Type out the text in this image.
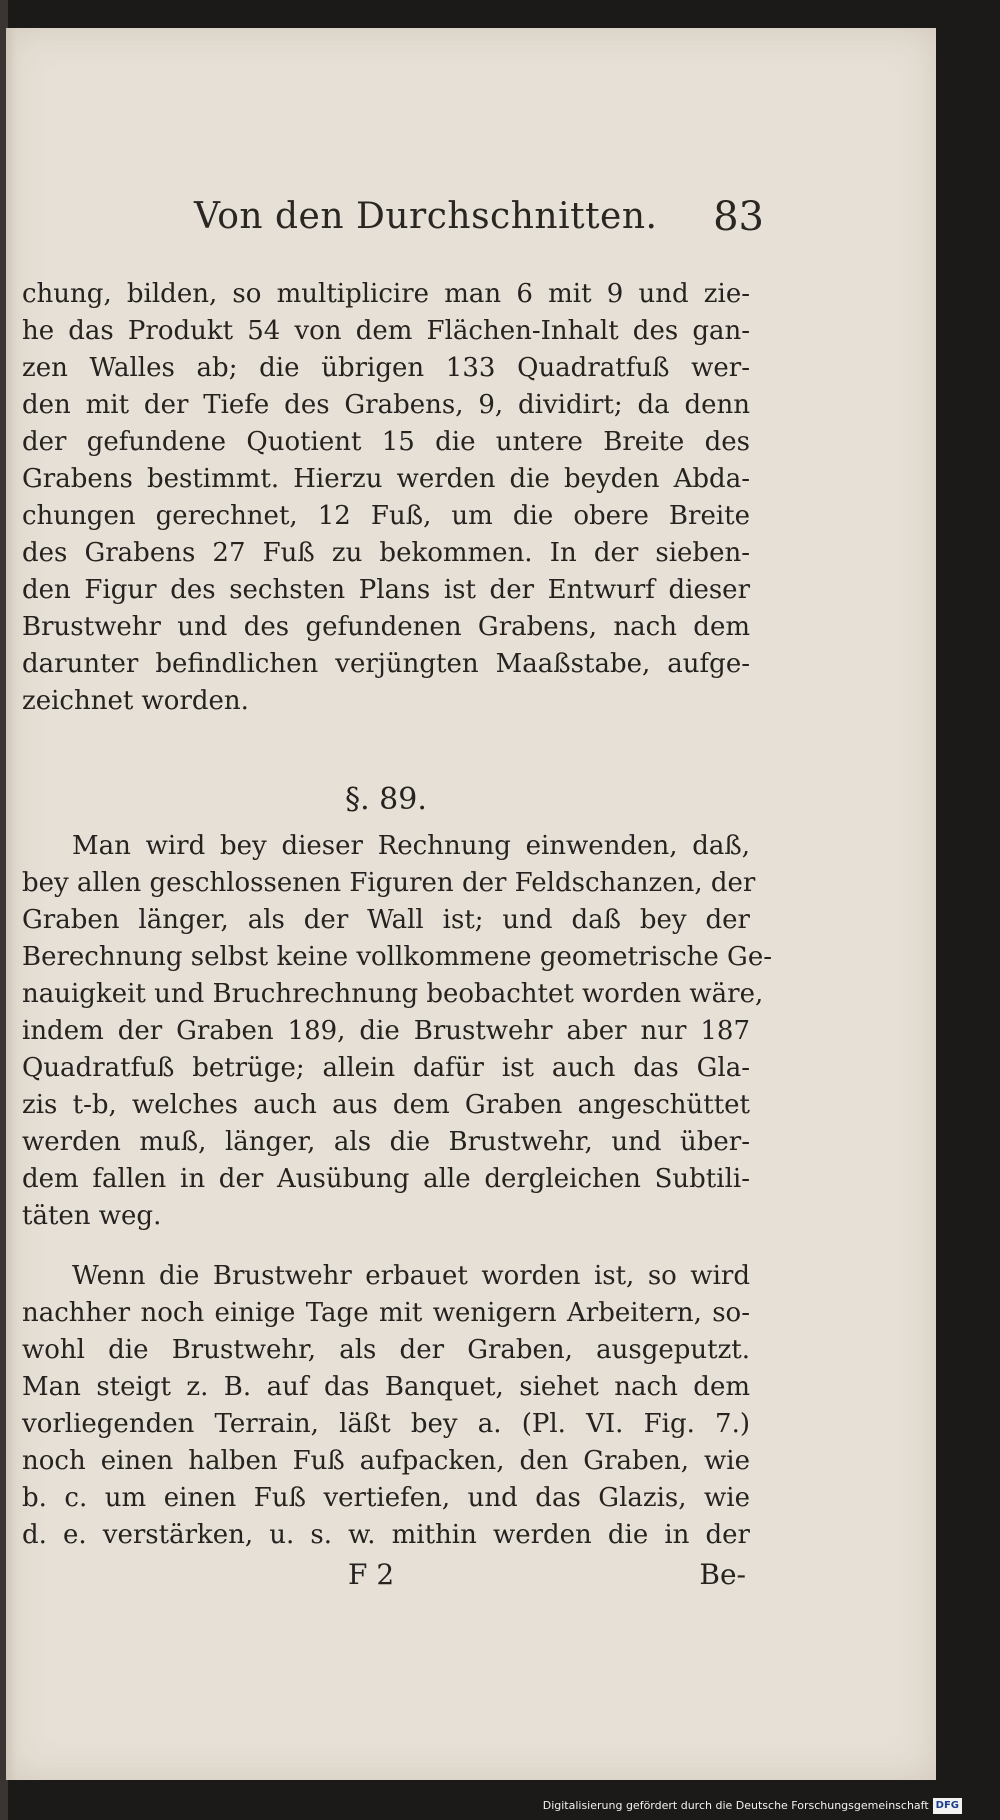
Von den Durchschnitten. 83
chung, bilden, so multiplicire man 6 mit 9 und zie-
he das Produkt 54 von dem Flächen-Inhalt des gan-
zen Walles ab; die übrigen 133 Quadratfuß wer-
den mit der Tiefe des Grabens, 9, dividirt; da denn
der gefundene Quotient 15 die untere Breite des
Grabens bestimmt. Hierzu werden die beyden Abda-
chungen gerechnet, 12 Fuß, um die obere Breite
des Grabens 27 Fuß zu bekommen. In der sieben-
den Figur des sechsten Plans ist der Entwurf dieser
Brustwehr und des gefundenen Grabens, nach dem
darunter befindlichen verjüngten Maaßstabe, aufge-
zeichnet worden.
§. 89.
Man wird bey dieser Rechnung einwenden, daß,
bey allen geschlossenen Figuren der Feldschanzen, der
Graben länger, als der Wall ist; und daß bey der
Berechnung selbst keine vollkommene geometrische Ge-
nauigkeit und Bruchrechnung beobachtet worden wäre,
indem der Graben 189, die Brustwehr aber nur 187
Quadratfuß betrüge; allein dafür ist auch das Gla-
zis t-b, welches auch aus dem Graben angeschüttet
werden muß, länger, als die Brustwehr, und über-
dem fallen in der Ausübung alle dergleichen Subtili-
täten weg.
Wenn die Brustwehr erbauet worden ist, so wird
nachher noch einige Tage mit wenigern Arbeitern, so-
wohl die Brustwehr, als der Graben, ausgeputzt.
Man steigt z. B. auf das Banquet, siehet nach dem
vorliegenden Terrain, läßt bey a. (Pl. VI. Fig. 7.)
noch einen halben Fuß aufpacken, den Graben, wie
b. c. um einen Fuß vertiefen, und das Glazis, wie
d. e. verstärken, u. s. w. mithin werden die in der
F 2	Be-
Digitalisierung gefördert durch die Deutsche Forschungsgemeinschaft DFG
